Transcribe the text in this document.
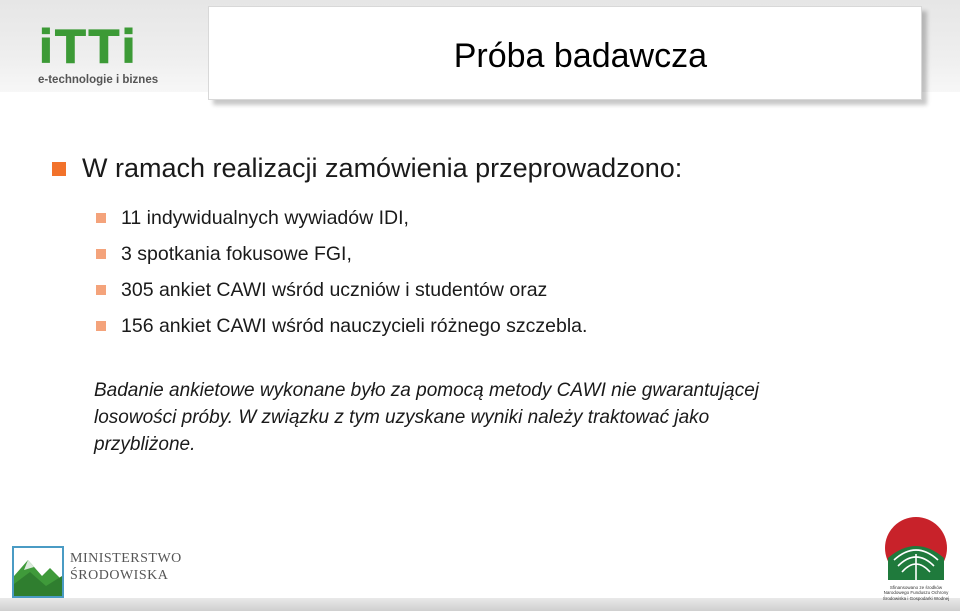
iTTi
e-technologie i biznes
Próba badawcza
W ramach realizacji zamówienia przeprowadzono:
11 indywidualnych wywiadów IDI,
3 spotkania fokusowe FGI,
305 ankiet CAWI wśród uczniów i studentów oraz
156 ankiet CAWI wśród nauczycieli różnego szczebla.
Badanie ankietowe wykonane było za pomocą metody CAWI nie gwarantującej
losowości próby. W związku z tym uzyskane wyniki należy traktować jako
przybliżone.
MINISTERSTWO
ŚRODOWISKA
Sfinansowano ze środków
Narodowego Funduszu Ochrony
Środowiska i Gospodarki Wodnej
